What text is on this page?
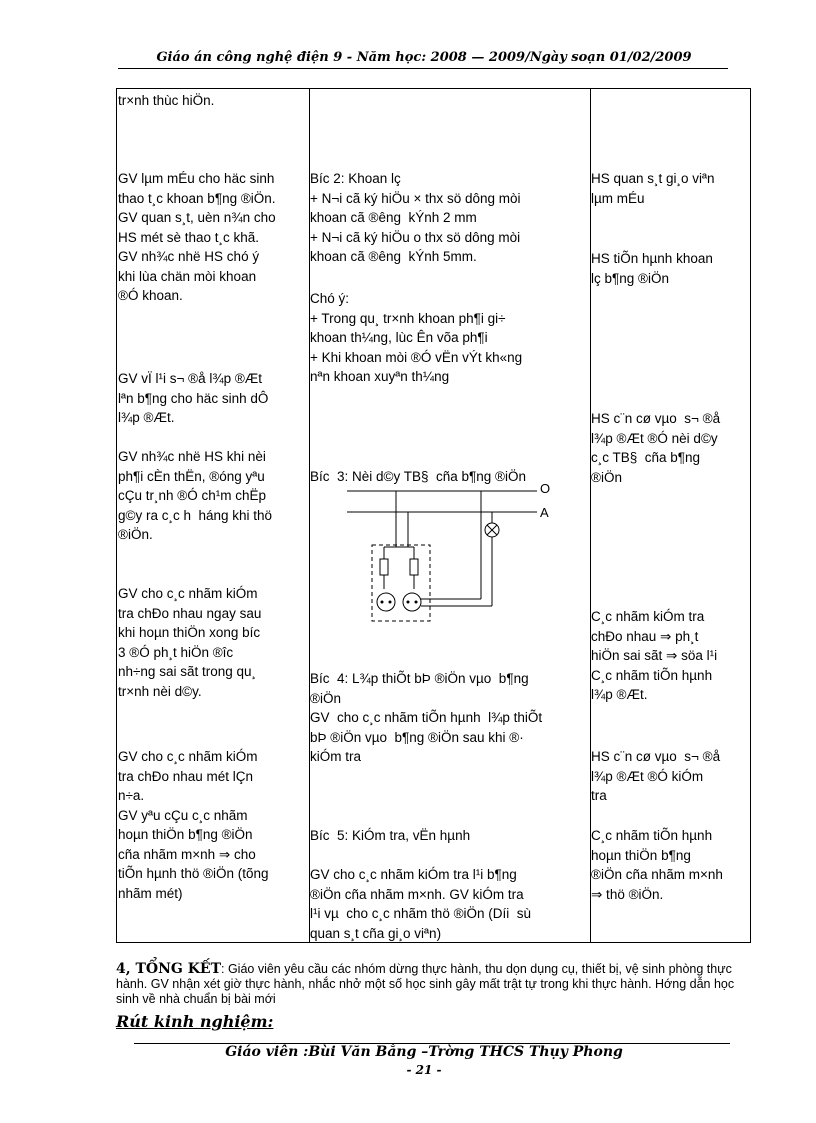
Giáo án công nghệ điện 9 - Năm học: 2008 — 2009/Ngày soạn 01/02/2009
tr×nh thùc hiÖn.
GV lµm mÉu cho häc sinh
thao t¸c khoan b¶ng ®iÖn.
GV quan s¸t, uèn n¾n cho
HS mét sè thao t¸c khã.
GV nh¾c nhë HS chó ý
khi lùa chän mòi khoan
®Ó khoan.
GV vÏ l¹i s¬ ®å l¾p ®Æt
lªn b¶ng cho häc sinh dÔ
l¾p ®Æt.
GV nh¾c nhë HS khi nèi
ph¶i cÈn thËn, ®óng yªu
cÇu tr¸nh ®Ó ch¹m chËp
g©y ra c¸c h  háng khi thö
®iÖn.
GV cho c¸c nhãm kiÓm
tra chÐo nhau ngay sau
khi hoµn thiÖn xong bíc
3 ®Ó ph¸t hiÖn ®îc
nh÷ng sai sãt trong qu¸
tr×nh nèi d©y.
GV cho c¸c nhãm kiÓm
tra chÐo nhau mét lÇn
n÷a.
GV yªu cÇu c¸c nhãm
hoµn thiÖn b¶ng ®iÖn
cña nhãm m×nh ⇒ cho
tiÕn hµnh thö ®iÖn (tõng
nhãm mét)
Bíc 2: Khoan lç
+ N¬i cã ký hiÖu × thx sö dông mòi
khoan cã ®êng  kÝnh 2 mm
+ N¬i cã ký hiÖu o thx sö dông mòi
khoan cã ®êng  kÝnh 5mm.
Chó ý:
+ Trong qu¸ tr×nh khoan ph¶i gi÷
khoan th¼ng, lùc Ên võa ph¶i
+ Khi khoan mòi ®Ó vËn vÝt kh«ng
nªn khoan xuyªn th¼ng
Bíc  3: Nèi d©y TB§  cña b¶ng ®iÖn
Bíc  4: L¾p thiÕt bÞ ®iÖn vµo  b¶ng
®iÖn
GV  cho c¸c nhãm tiÕn hµnh  l¾p thiÕt
bÞ ®iÖn vµo  b¶ng ®iÖn sau khi ®·
kiÓm tra
Bíc  5: KiÓm tra, vËn hµnh
GV cho c¸c nhãm kiÓm tra l¹i b¶ng
®iÖn cña nhãm m×nh. GV kiÓm tra
l¹i vµ  cho c¸c nhãm thö ®iÖn (Díi  sù
quan s¸t cña gi¸o viªn)
HS quan s¸t gi¸o viªn
lµm mÉu
HS tiÕn hµnh khoan
lç b¶ng ®iÖn
HS c¨n cø vµo  s¬ ®å
l¾p ®Æt ®Ó nèi d©y
c¸c TB§  cña b¶ng
®iÖn
C¸c nhãm kiÓm tra
chÐo nhau ⇒ ph¸t
hiÖn sai sãt ⇒ söa l¹i
C¸c nhãm tiÕn hµnh
l¾p ®Æt.
HS c¨n cø vµo  s¬ ®å
l¾p ®Æt ®Ó kiÓm
tra
C¸c nhãm tiÕn hµnh
hoµn thiÖn b¶ng
®iÖn cña nhãm m×nh
⇒ thö ®iÖn.
O
A
4, TỔNG KẾT: Giáo viên yêu cầu các nhóm dừng thực hành, thu dọn dụng cụ, thiết bị, vệ sinh phòng thực hành. GV nhận xét giờ thực hành, nhắc nhở một số học sinh gây mất trật tự trong khi thực hành. Hớng dẫn học sinh về nhà chuẩn bị bài mới
Rút kinh nghiệm:
Giáo viên :Bùi Văn Bằng –Trờng THCS Thụy Phong
- 21 -
